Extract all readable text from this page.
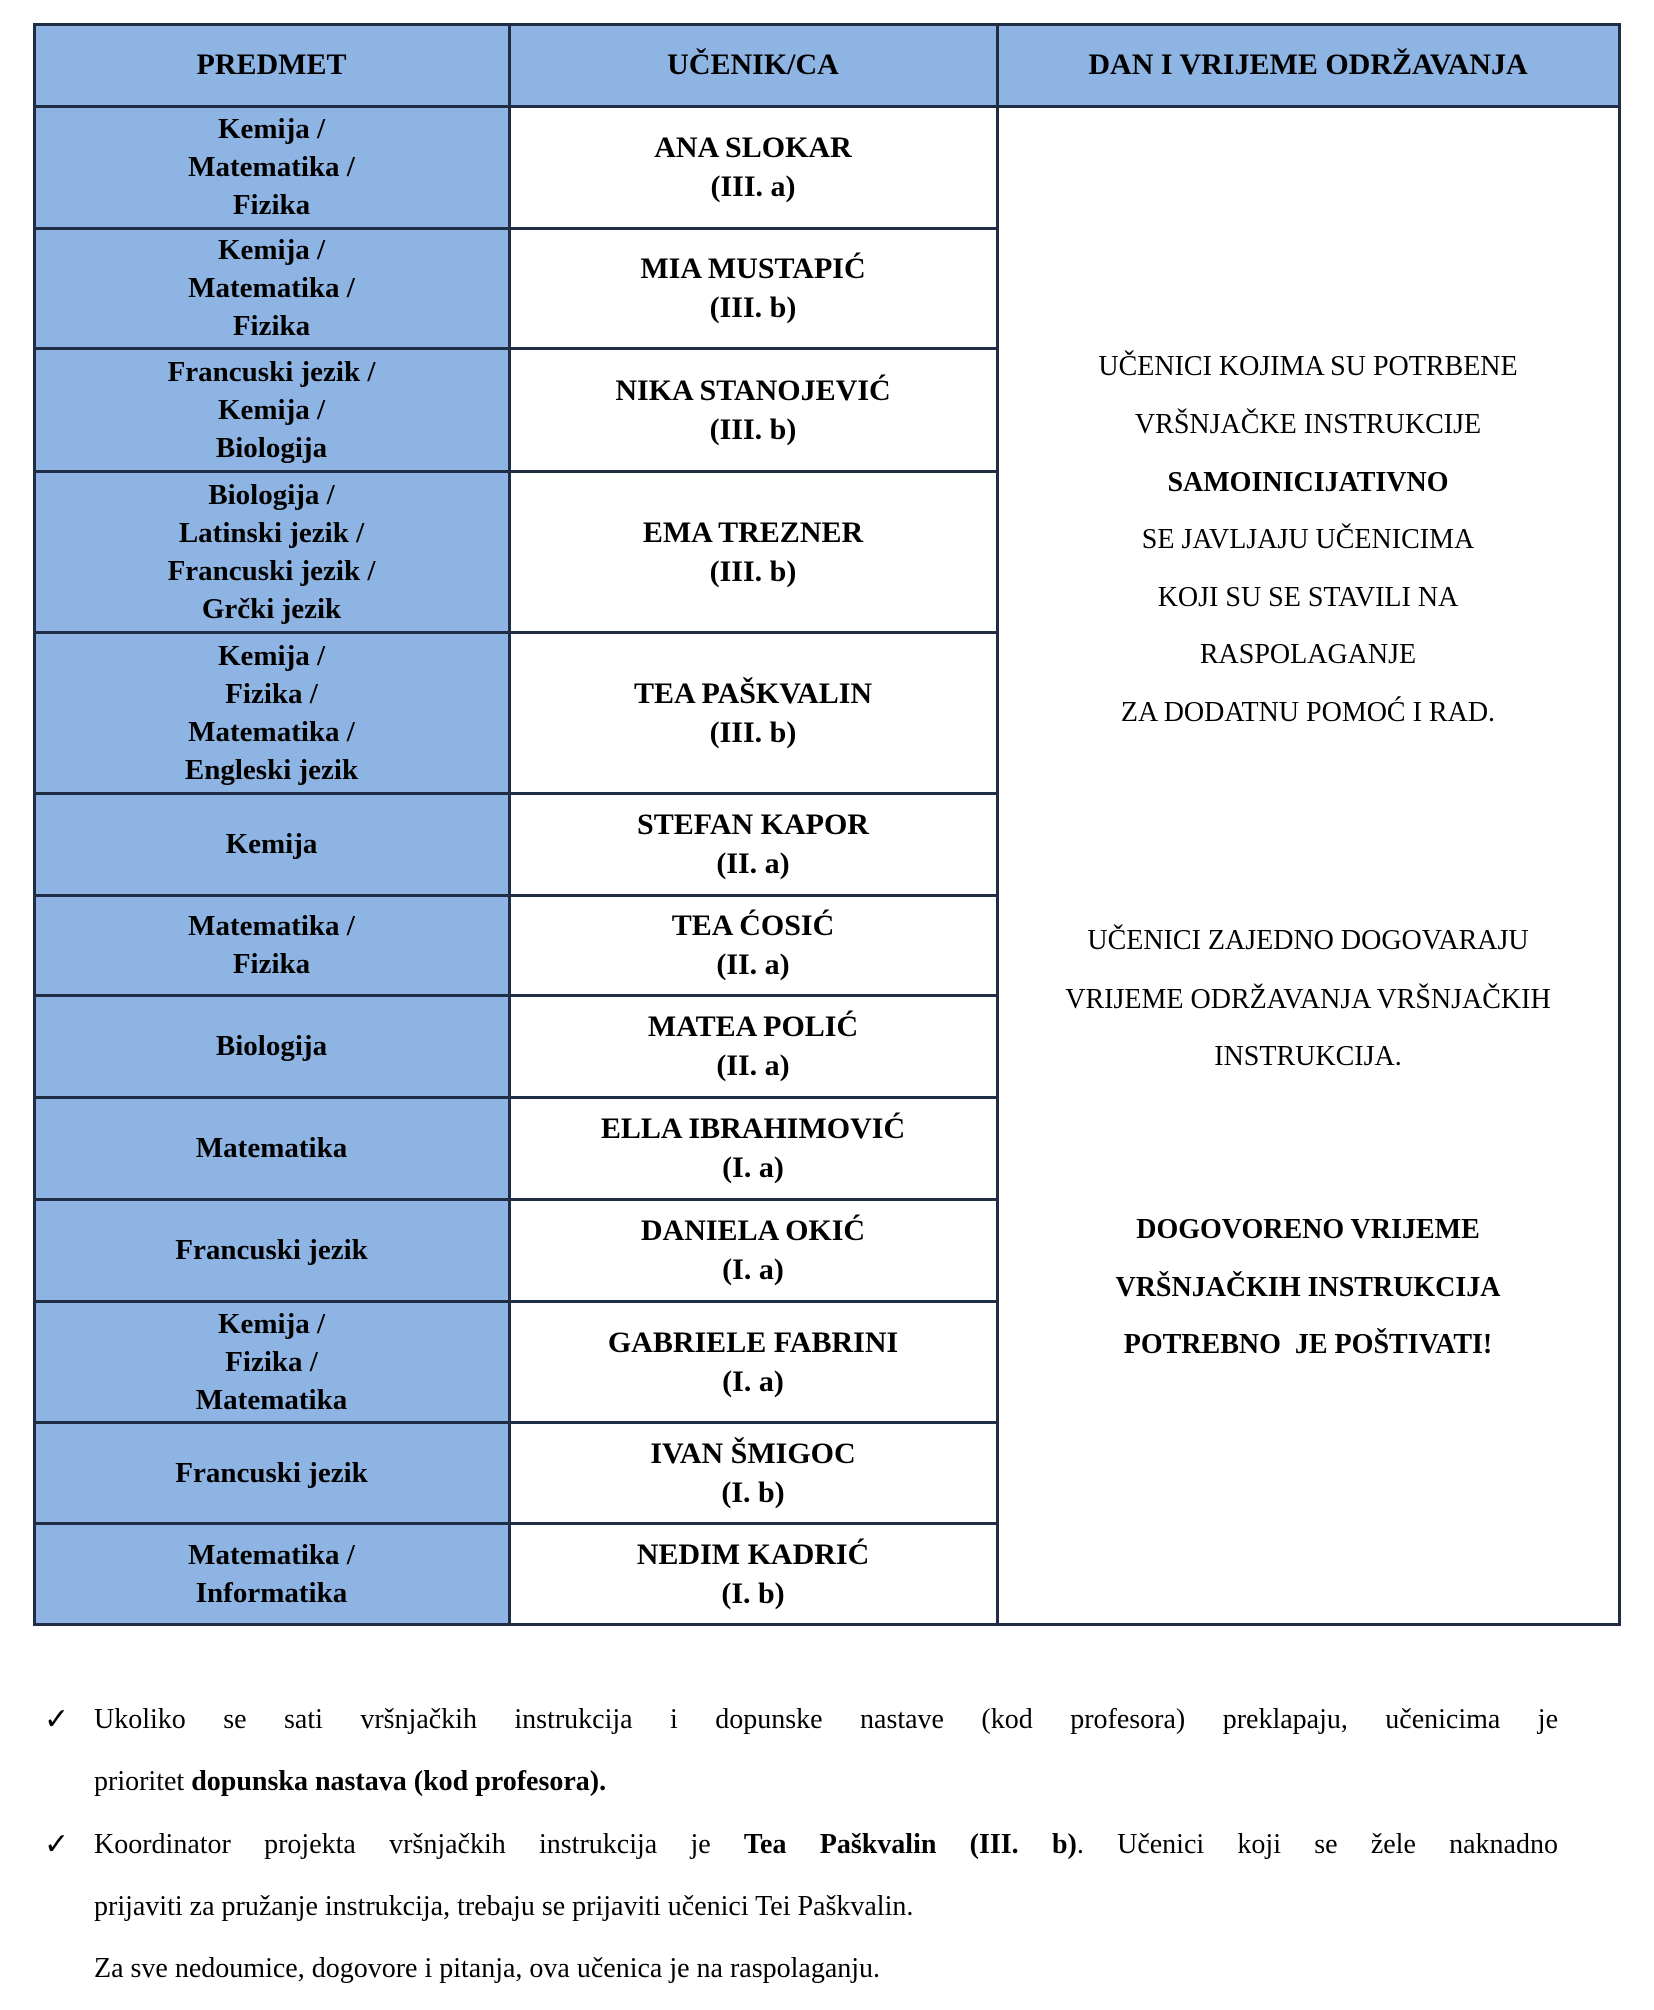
PREDMET	UČENIK/CA	DAN I VRIJEME ODRŽAVANJA
Kemija /
Matematika /
Fizika
ANA SLOKAR
(III. a)
Kemija /
Matematika /
Fizika
MIA MUSTAPIĆ
(III. b)
Francuski jezik /
Kemija /
Biologija
NIKA STANOJEVIĆ
(III. b)
Biologija /
Latinski jezik /
Francuski jezik /
Grčki jezik
EMA TREZNER
(III. b)
Kemija /
Fizika /
Matematika /
Engleski jezik
TEA PAŠKVALIN
(III. b)
Kemija
STEFAN KAPOR
(II. a)
Matematika /
Fizika
TEA ĆOSIĆ
(II. a)
Biologija
MATEA POLIĆ
(II. a)
Matematika
ELLA IBRAHIMOVIĆ
(I. a)
Francuski jezik
DANIELA OKIĆ
(I. a)
Kemija /
Fizika /
Matematika
GABRIELE FABRINI
(I. a)
Francuski jezik
IVAN ŠMIGOC
(I. b)
Matematika /
Informatika
NEDIM KADRIĆ
(I. b)
UČENICI KOJIMA SU POTRBENE
VRŠNJAČKE INSTRUKCIJE
SAMOINICIJATIVNO
SE JAVLJAJU UČENICIMA
KOJI SU SE STAVILI NA
RASPOLAGANJE
ZA DODATNU POMOĆ I RAD.
UČENICI ZAJEDNO DOGOVARAJU
VRIJEME ODRŽAVANJA VRŠNJAČKIH
INSTRUKCIJA.
DOGOVORENO VRIJEME
VRŠNJAČKIH INSTRUKCIJA
POTREBNO  JE POŠTIVATI!
✓ Ukoliko se sati vršnjačkih instrukcija i dopunske nastave (kod profesora) preklapaju, učenicima je
prioritet dopunska nastava (kod profesora).
✓ Koordinator projekta vršnjačkih instrukcija je Tea Paškvalin (III. b). Učenici koji se žele naknadno
prijaviti za pružanje instrukcija, trebaju se prijaviti učenici Tei Paškvalin.
Za sve nedoumice, dogovore i pitanja, ova učenica je na raspolaganju.
